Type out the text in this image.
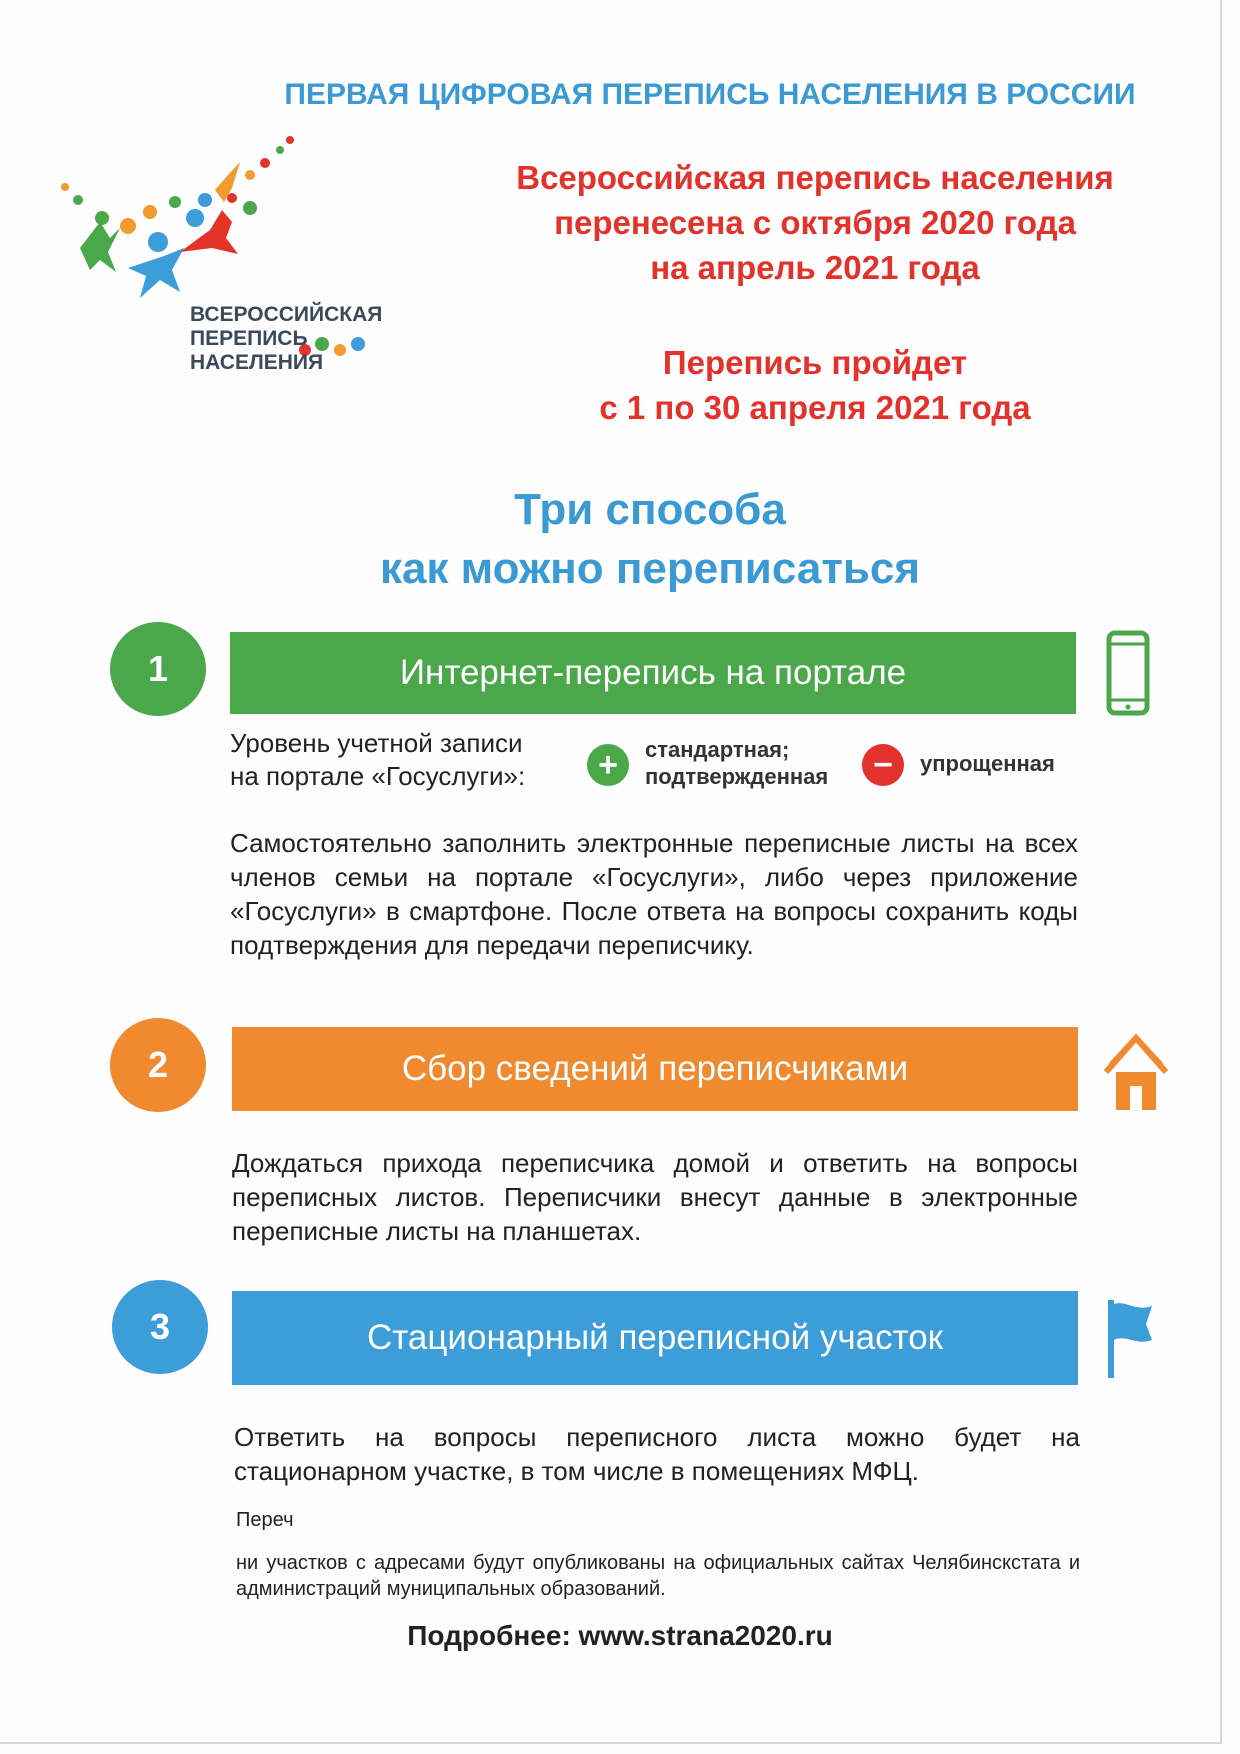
ПЕРВАЯ ЦИФРОВАЯ ПЕРЕПИСЬ НАСЕЛЕНИЯ В РОССИИ
ВСЕРОССИЙСКАЯ
ПЕРЕПИСЬ
НАСЕЛЕНИЯ
Всероссийская перепись населения
перенесена с октября 2020 года
на апрель 2021 года
Перепись пройдет
с 1 по 30 апреля 2021 года
Три способа
как можно переписаться
1	Интернет-перепись на портале
Уровень учетной записи
на портале «Госуслуги»:	+	стандартная;
подтвержденная	−	упрощенная
Самостоятельно заполнить электронные переписные листы на всех членов семьи на портале «Госуслуги», либо через приложение «Госуслуги» в смартфоне. После ответа на вопросы сохранить коды подтверждения для передачи переписчику.
2	Сбор сведений переписчиками
Дождаться прихода переписчика домой и ответить на вопросы переписных листов. Переписчики внесут данные в электронные переписные листы на планшетах.
3	Стационарный переписной участок
Ответить на вопросы переписного листа можно будет на стационарном участке, в том числе в помещениях МФЦ.
Переч
ни участков с адресами будут опубликованы на официальных сайтах Челябинскстата и администраций муниципальных образований.
Подробнее: www.strana2020.ru
